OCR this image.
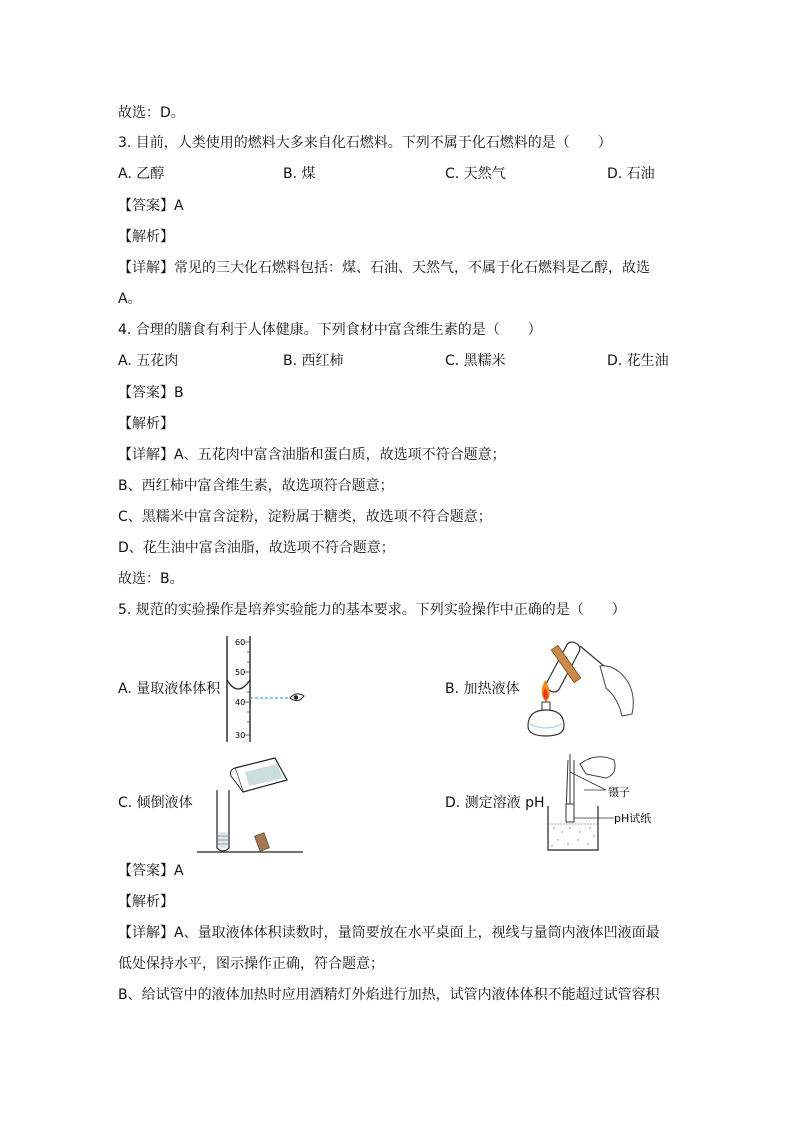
故选：D。
3. 目前，人类使用的燃料大多来自化石燃料。下列不属于化石燃料的是（　　）
A. 乙醇	B. 煤	C. 天然气	D. 石油
【答案】A
【解析】
【详解】常见的三大化石燃料包括：煤、石油、天然气，不属于化石燃料是乙醇，故选
A。
4. 合理的膳食有利于人体健康。下列食材中富含维生素的是（　　）
A. 五花肉	B. 西红柿	C. 黑糯米	D. 花生油
【答案】B
【解析】
【详解】A、五花肉中富含油脂和蛋白质，故选项不符合题意；
B、西红柿中富含维生素，故选项符合题意；
C、黑糯米中富含淀粉，淀粉属于糖类，故选项不符合题意；
D、花生油中富含油脂，故选项不符合题意；
故选：B。
5. 规范的实验操作是培养实验能力的基本要求。下列实验操作中正确的是（　　）
A. 量取液体体积	B. 加热液体
C. 倾倒液体	D. 测定溶液 pH
60
50
40
30
镊子
pH试纸
【答案】A
【解析】
【详解】A、量取液体体积读数时，量筒要放在水平桌面上，视线与量筒内液体凹液面最
低处保持水平，图示操作正确，符合题意；
B、给试管中的液体加热时应用酒精灯外焰进行加热，试管内液体体积不能超过试管容积
